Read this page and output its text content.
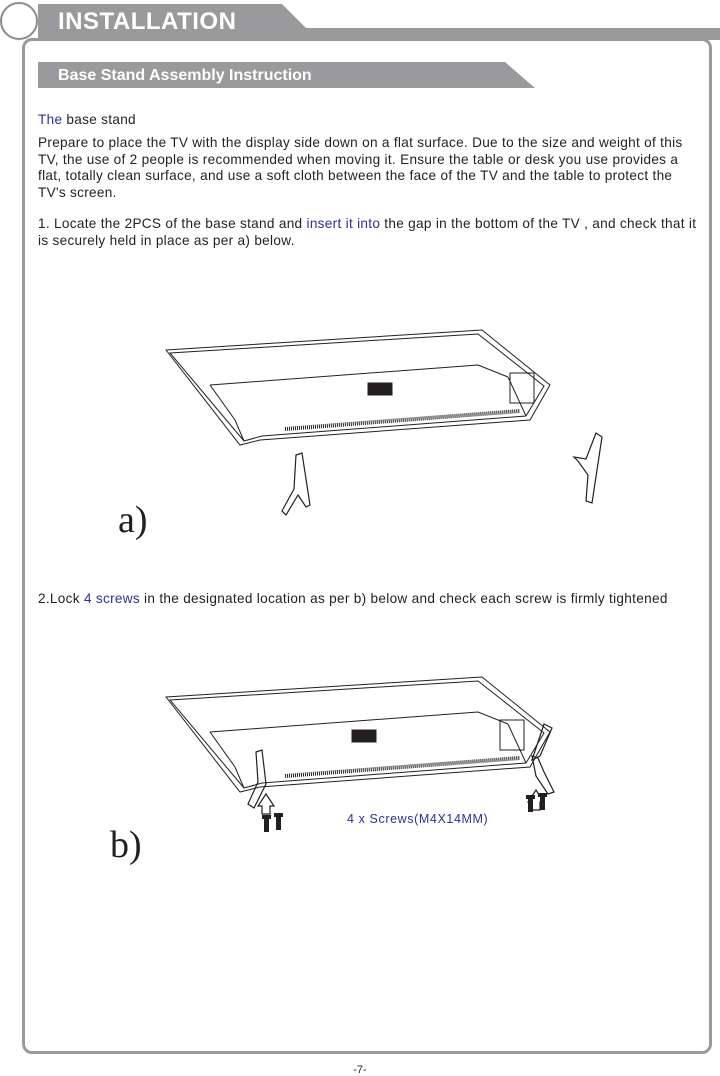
INSTALLATION
Base Stand Assembly Instruction
The base stand
Prepare to place the TV with the display side down on a flat surface. Due to the size and weight of this TV, the use of 2 people is recommended when moving it. Ensure the table or desk you use provides a flat, totally clean surface, and use a soft cloth between the face of the TV and the table to protect the TV's screen.
1. Locate the 2PCS of the base stand and insert it into the gap in the bottom of the TV , and check that it is securely held in place as per a) below.
a)
2.Lock 4 screws in the designated location as per b) below and check each screw is firmly tightened
4 x Screws(M4X14MM)
b)
-7-
